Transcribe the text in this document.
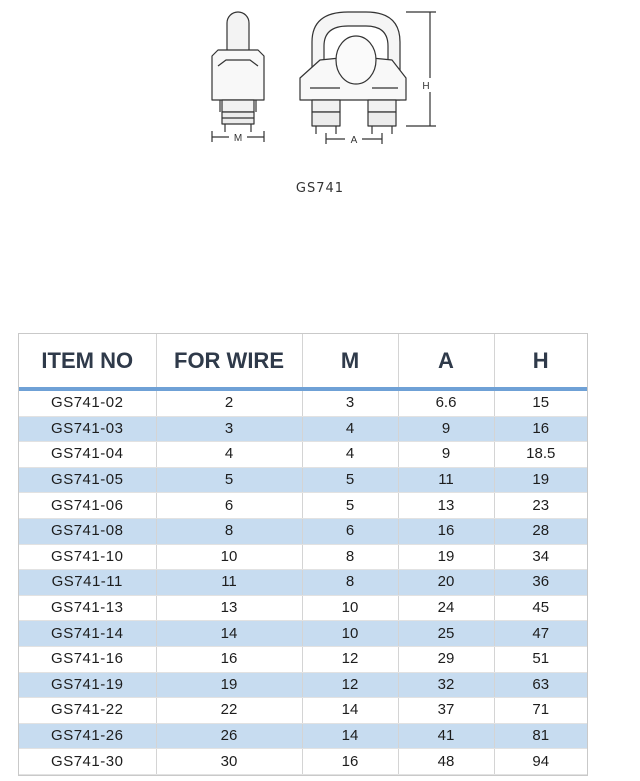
M	A
H
GS741
ITEM NO	FOR WIRE	M	A	H
GS741-02	2	3	6.6	15
GS741-03	3	4	9	16
GS741-04	4	4	9	18.5
GS741-05	5	5	11	19
GS741-06	6	5	13	23
GS741-08	8	6	16	28
GS741-10	10	8	19	34
GS741-11	11	8	20	36
GS741-13	13	10	24	45
GS741-14	14	10	25	47
GS741-16	16	12	29	51
GS741-19	19	12	32	63
GS741-22	22	14	37	71
GS741-26	26	14	41	81
GS741-30	30	16	48	94
